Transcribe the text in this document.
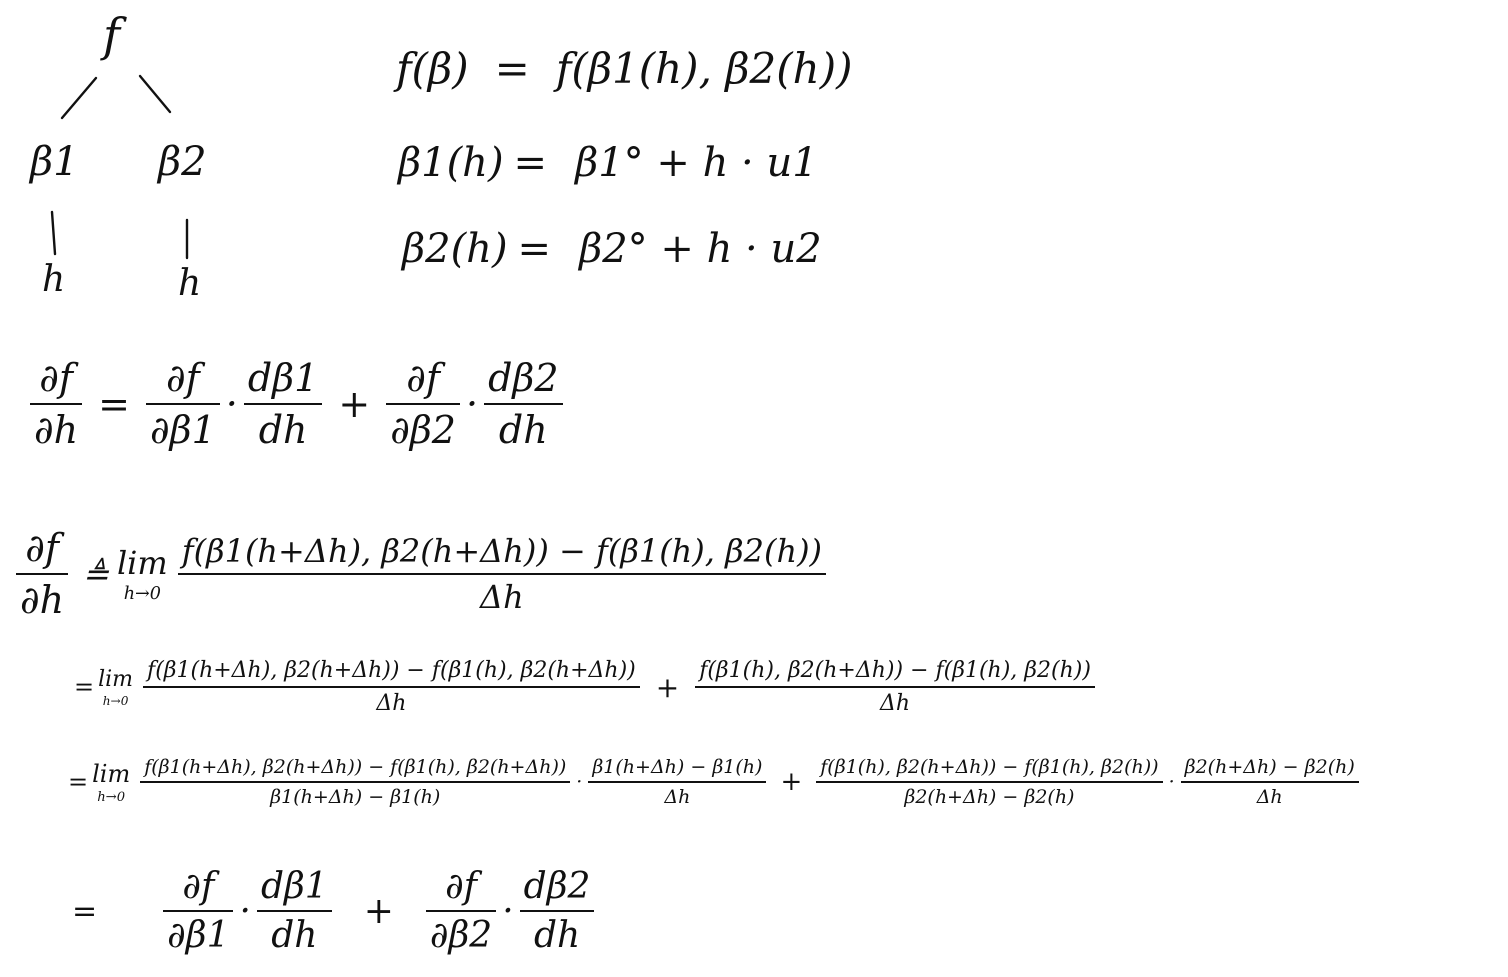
f
β1 β2
h	h
f(β) = f(β1(h), β2(h))
β1(h) = β1° + h · u1
β2(h) = β2° + h · u2
$\frac{\partial f}{\partial h} = \frac{\partial f}{\partial\beta 1} \cdot \frac{d\beta 1}{dh} + \frac{\partial f}{\partial\beta 2} \cdot \frac{d\beta 2}{dh}$
$\frac{\partial f}{\partial h}$ ≜ lim
$h\to 0 \frac{f(\beta 1(h+\Delta h), \beta 2(h+\Delta h)) - f(\beta 1(h), \beta 2(h))}{\Delta h}$
= lim
$h\to 0 \frac{f(\beta 1(h+\Delta h), \beta 2(h+\Delta h)) - f(\beta 1(h), \beta 2(h+\Delta h))}{\Delta h} + \frac{f(\beta 1(h), \beta 2(h+\Delta h)) - f(\beta 1(h), \beta 2(h))}{\Delta h}$
= lim
$h\to 0 \frac{f(\beta 1(h+\Delta h), \beta 2(h+\Delta h)) - f(\beta 1(h), \beta 2(h+\Delta h))}{\beta 1(h+\Delta h) - \beta 1(h)} \cdot \frac{\beta 1(h+\Delta h) - \beta 1(h)}{\Delta h} + \frac{f(\beta 1(h), \beta 2(h+\Delta h)) - f(\beta 1(h), \beta 2(h))}{\beta 2(h+\Delta h) - \beta 2(h)} \cdot \frac{\beta 2(h+\Delta h) - \beta 2(h)}{\Delta h}$
= $\frac{\partial f}{\partial\beta 1} \cdot \frac{d\beta 1}{dh} + \frac{\partial f}{\partial\beta 2} \cdot \frac{d\beta 2}{dh}$
